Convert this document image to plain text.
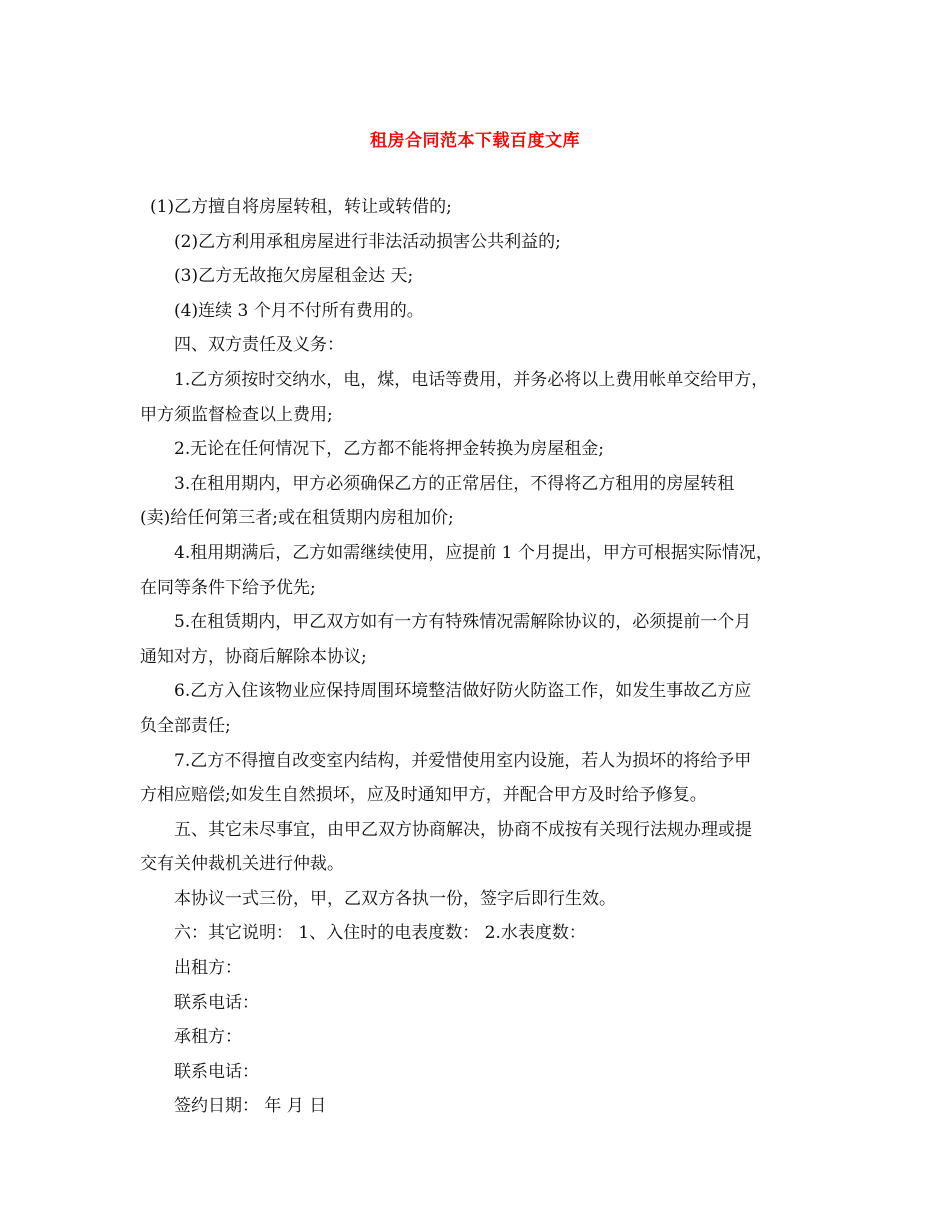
租房合同范本下载百度文库
(1)乙方擅自将房屋转租，转让或转借的;
(2)乙方利用承租房屋进行非法活动损害公共利益的;
(3)乙方无故拖欠房屋租金达 天;
(4)连续 3 个月不付所有费用的。
四、双方责任及义务：
1.乙方须按时交纳水，电，煤，电话等费用，并务必将以上费用帐单交给甲方，
甲方须监督检查以上费用;
2.无论在任何情况下，乙方都不能将押金转换为房屋租金;
3.在租用期内，甲方必须确保乙方的正常居住，不得将乙方租用的房屋转租
(卖)给任何第三者;或在租赁期内房租加价;
4.租用期满后，乙方如需继续使用，应提前 1 个月提出，甲方可根据实际情况，
在同等条件下给予优先;
5.在租赁期内，甲乙双方如有一方有特殊情况需解除协议的，必须提前一个月
通知对方，协商后解除本协议;
6.乙方入住该物业应保持周围环境整洁做好防火防盗工作，如发生事故乙方应
负全部责任;
7.乙方不得擅自改变室内结构，并爱惜使用室内设施，若人为损坏的将给予甲
方相应赔偿;如发生自然损坏，应及时通知甲方，并配合甲方及时给予修复。
五、其它未尽事宜，由甲乙双方协商解决，协商不成按有关现行法规办理或提
交有关仲裁机关进行仲裁。
本协议一式三份，甲，乙双方各执一份，签字后即行生效。
六：其它说明： 1、入住时的电表度数： 2.水表度数：
出租方：
联系电话：
承租方：
联系电话：
签约日期： 年 月 日
